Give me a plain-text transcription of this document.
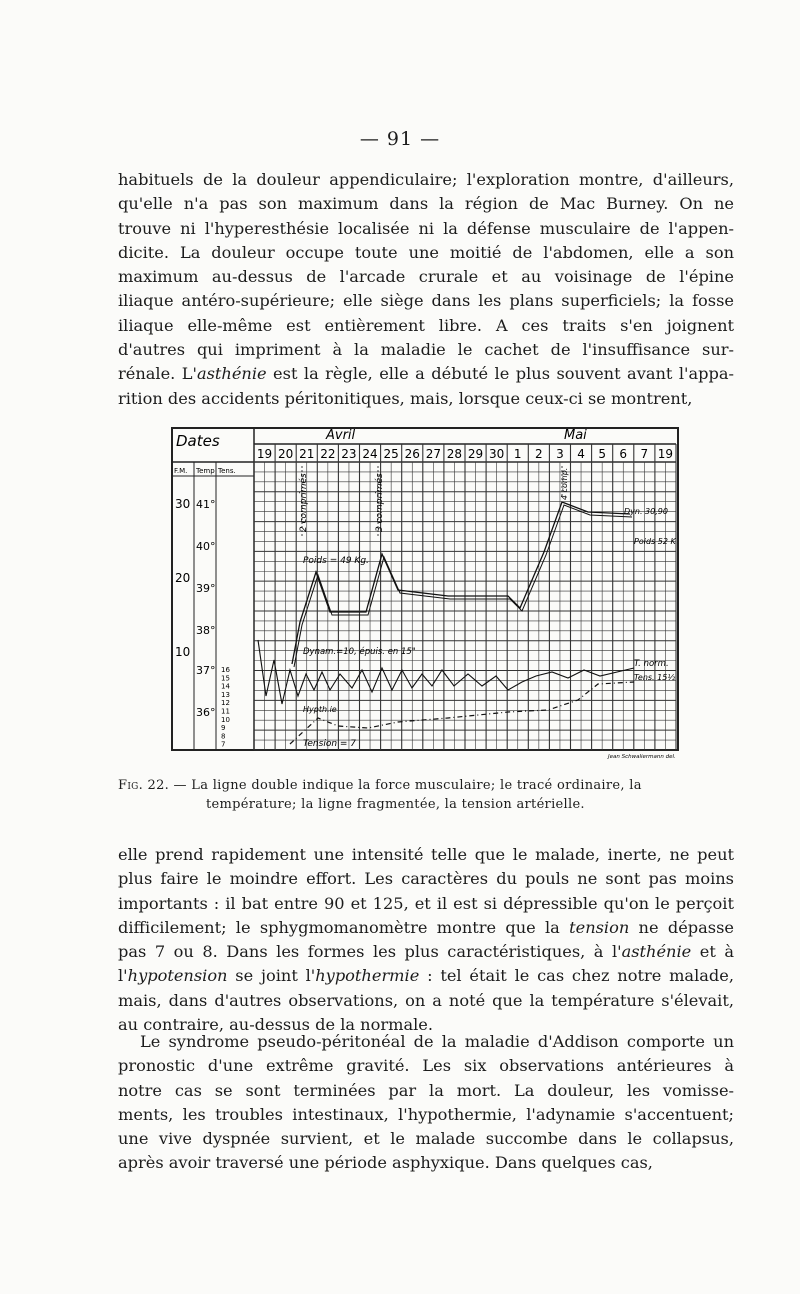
— 91 —
habituels de la douleur appendiculaire; l'exploration montre, d'ailleurs,
qu'elle n'a pas son maximum dans la région de Mac Burney. On ne
trouve ni l'hyperesthésie localisée ni la défense musculaire de l'appen-
dicite. La douleur occupe toute une moitié de l'abdomen, elle a son
maximum au-dessus de l'arcade crurale et au voisinage de l'épine
iliaque antéro-supérieure; elle siège dans les plans superficiels; la fosse
iliaque elle-même est entièrement libre. A ces traits s'en joignent
d'autres qui impriment à la maladie le cachet de l'insuffisance sur-
rénale. L'asthénie est la règle, elle a débuté le plus souvent avant l'appa-
rition des accidents péritonitiques, mais, lorsque ceux-ci se montrent,
Dates	Avril	Mai
19 20 21 22 23 24 25 26 27 28 29 30 1 2 3 4 5 6 7 19
F.M. Temp Tens.
30
20
10
41°
40°
39°
38°
37°
36°
16
15
14
13
12
11
10
9
8
7
2 comprimés	3 comprimés	4 comp.
Poids = 49 Kg.
Dynam.=10, épuis. en 15"
Hypth.ie
Tension = 7
Dyn. 30,90
Poids 52 K
T. norm.
Tens. 15½
Jean Schwaliermann del.
Fig. 22. — La ligne double indique la force musculaire; le tracé ordinaire, la
température; la ligne fragmentée, la tension artérielle.
elle prend rapidement une intensité telle que le malade, inerte, ne peut
plus faire le moindre effort. Les caractères du pouls ne sont pas moins
importants : il bat entre 90 et 125, et il est si dépressible qu'on le perçoit
difficilement; le sphygmomanomètre montre que la tension ne dépasse
pas 7 ou 8. Dans les formes les plus caractéristiques, à l'asthénie et à
l'hypotension se joint l'hypothermie : tel était le cas chez notre malade,
mais, dans d'autres observations, on a noté que la température s'élevait,
au contraire, au-dessus de la normale.
Le syndrome pseudo-péritonéal de la maladie d'Addison comporte un
pronostic d'une extrême gravité. Les six observations antérieures à
notre cas se sont terminées par la mort. La douleur, les vomisse-
ments, les troubles intestinaux, l'hypothermie, l'adynamie s'accentuent;
une vive dyspnée survient, et le malade succombe dans le collapsus,
après avoir traversé une période asphyxique. Dans quelques cas,
